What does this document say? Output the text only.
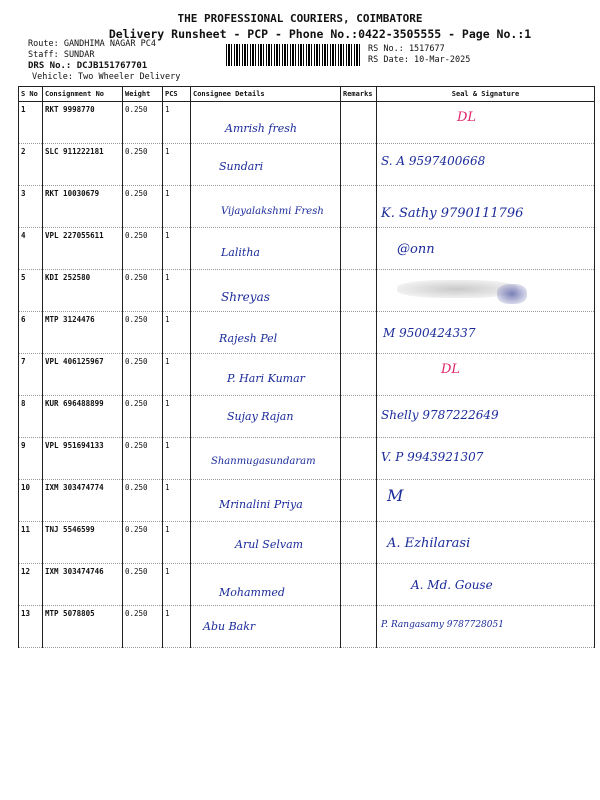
THE PROFESSIONAL COURIERS, COIMBATORE
Delivery Runsheet - PCP - Phone No.:0422-3505555 - Page No.:1
Route: GANDHIMA NAGAR PC4
Staff: SUNDAR
DRS No.: DCJB151767701
Vehicle: Two Wheeler Delivery
RS No.: 1517677
RS Date: 10-Mar-2025
S No	Consignment No	Weight	PCS	Consignee Details	Remarks	Seal & Signature
1	RKT 9998770	0.250	1	Amrish fresh		DL

2	SLC 911222181	0.250	1	Sundari		S. A 9597400668

3	RKT 10030679	0.250	1	Vijayalakshmi Fresh		K. Sathy 9790111796

4	VPL 227055611	0.250	1	Lalitha		@onn

5	KDI 252580	0.250	1	Shreyas		

6	MTP 3124476	0.250	1	Rajesh Pel		M 9500424337

7	VPL 406125967	0.250	1	P. Hari Kumar		DL

8	KUR 696488899	0.250	1	Sujay Rajan		Shelly 9787222649

9	VPL 951694133	0.250	1	Shanmugasundaram		V. P 9943921307

10	IXM 303474774	0.250	1	Mrinalini Priya		M

11	TNJ 5546599	0.250	1	Arul Selvam		A. Ezhilarasi

12	IXM 303474746	0.250	1	Mohammed		A. Md. Gouse

13	MTP 5078805	0.250	1	Abu Bakr		P. Rangasamy 9787728051
